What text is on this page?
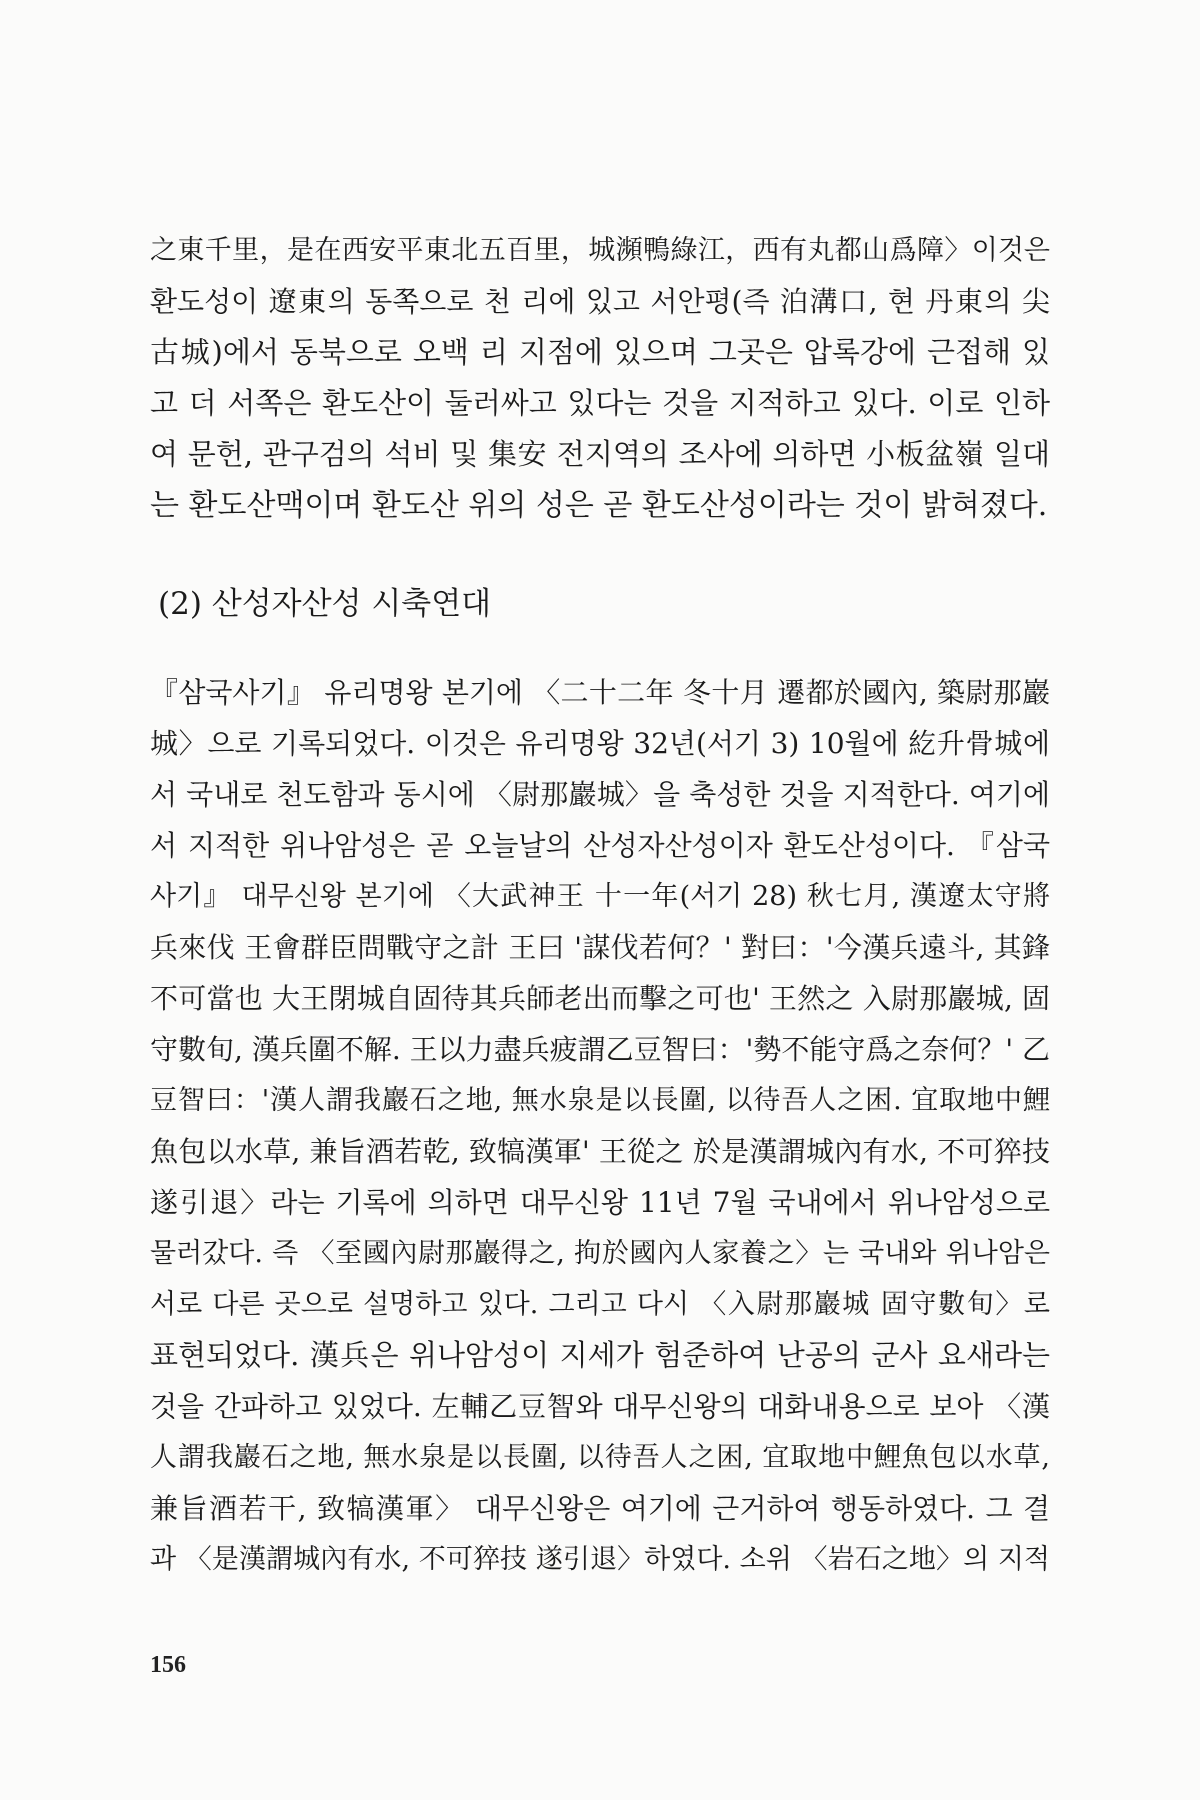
之東千里，是在西安平東北五百里，城瀕鴨綠江，西有丸都山爲障〉이것은
환도성이 遼東의 동쪽으로 천 리에 있고 서안평(즉 泊溝口, 현 丹東의 尖
古城)에서 동북으로 오백 리 지점에 있으며 그곳은 압록강에 근접해 있
고 더 서쪽은 환도산이 둘러싸고 있다는 것을 지적하고 있다. 이로 인하
여 문헌, 관구검의 석비 및 集安 전지역의 조사에 의하면 小板盆嶺 일대
는 환도산맥이며 환도산 위의 성은 곧 환도산성이라는 것이 밝혀졌다.
(2) 산성자산성 시축연대
『삼국사기』 유리명왕 본기에 〈二十二年 冬十月 遷都於國內, 築尉那巖
城〉으로 기록되었다. 이것은 유리명왕 32년(서기 3) 10월에 紇升骨城에
서 국내로 천도함과 동시에 〈尉那巖城〉을 축성한 것을 지적한다. 여기에
서 지적한 위나암성은 곧 오늘날의 산성자산성이자 환도산성이다. 『삼국
사기』 대무신왕 본기에 〈大武神王 十一年(서기 28) 秋七月, 漢遼太守將
兵來伐 王會群臣問戰守之計 王曰 '謀伐若何？' 對曰：'今漢兵遠斗, 其鋒
不可當也 大王閉城自固待其兵師老出而擊之可也' 王然之 入尉那巖城, 固
守數旬, 漢兵圍不解. 王以力盡兵疲謂乙豆智曰：'勢不能守爲之奈何？' 乙
豆智曰：'漢人謂我巖石之地, 無水泉是以長圍, 以待吾人之困. 宜取地中鯉
魚包以水草, 兼旨酒若乾, 致犒漢軍' 王從之 於是漢謂城內有水, 不可猝技
遂引退〉라는 기록에 의하면 대무신왕 11년 7월 국내에서 위나암성으로
물러갔다. 즉 〈至國內尉那巖得之, 拘於國內人家養之〉는 국내와 위나암은
서로 다른 곳으로 설명하고 있다. 그리고 다시 〈入尉那巖城 固守數旬〉로
표현되었다. 漢兵은 위나암성이 지세가 험준하여 난공의 군사 요새라는
것을 간파하고 있었다. 左輔乙豆智와 대무신왕의 대화내용으로 보아 〈漢
人謂我巖石之地, 無水泉是以長圍, 以待吾人之困, 宜取地中鯉魚包以水草,
兼旨酒若干, 致犒漢軍〉 대무신왕은 여기에 근거하여 행동하였다. 그 결
과 〈是漢謂城內有水, 不可猝技 遂引退〉하였다. 소위 〈岩石之地〉의 지적
156
